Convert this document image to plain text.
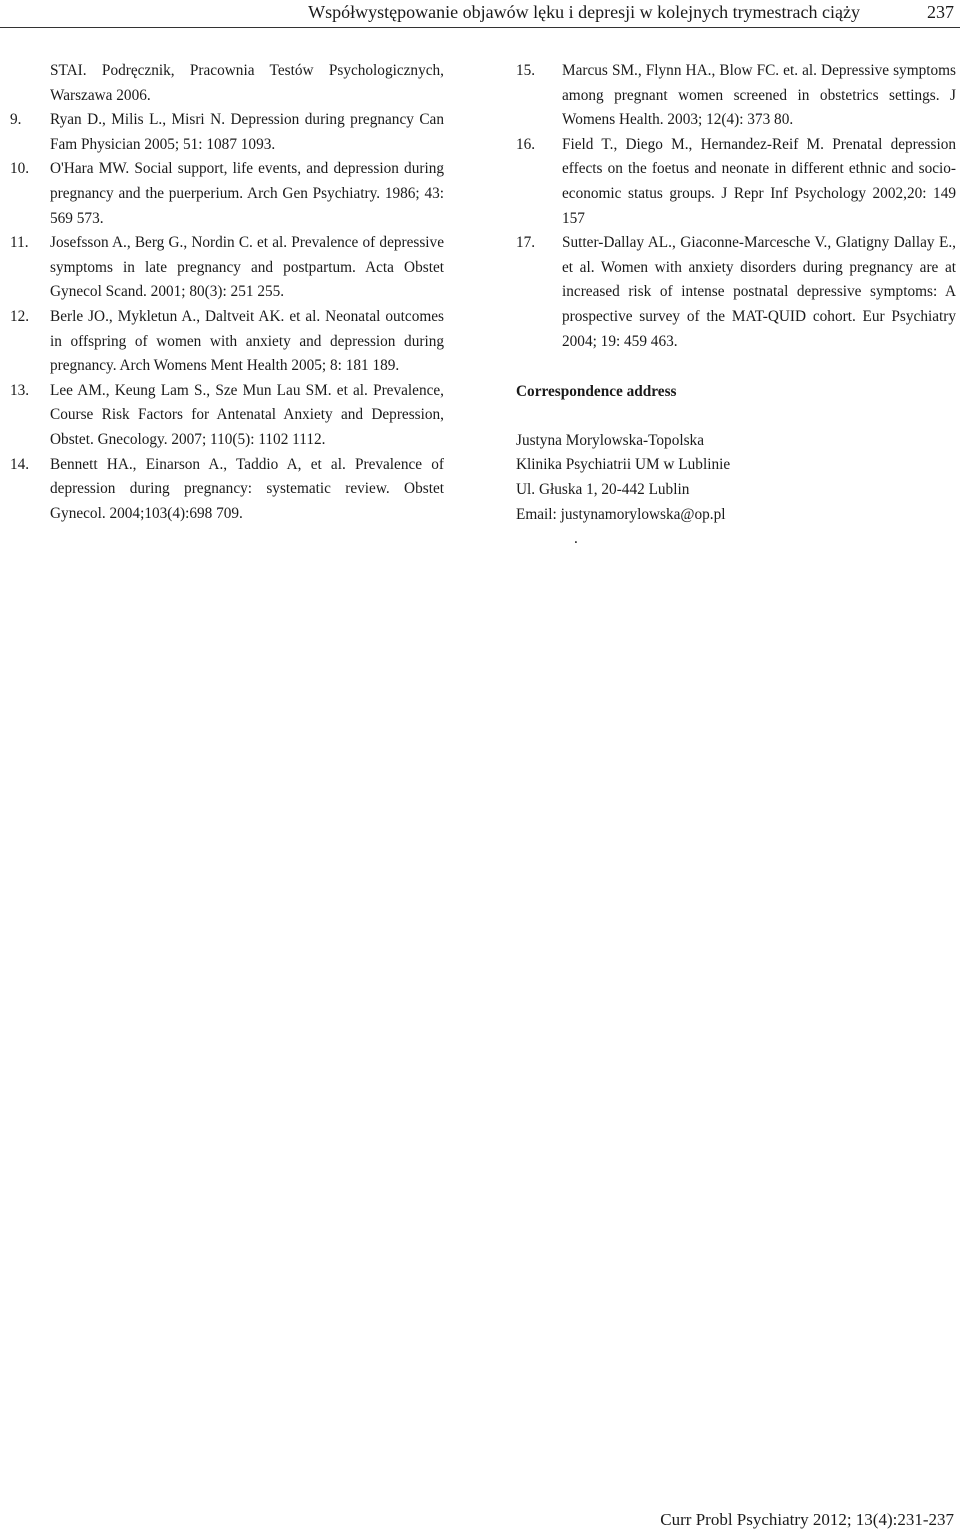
Współwystępowanie objawów lęku i depresji w kolejnych trymestrach ciąży	237
STAI. Podręcznik, Pracownia Testów Psychologicznych, Warszawa 2006.
9. Ryan D., Milis L., Misri N. Depression during pregnancy Can Fam Physician 2005; 51: 1087 1093.
10. O'Hara MW. Social support, life events, and depression during pregnancy and the puerperium. Arch Gen Psychiatry. 1986; 43: 569 573.
11. Josefsson A., Berg G., Nordin C. et al. Prevalence of depressive symptoms in late pregnancy and postpartum. Acta Obstet Gynecol Scand. 2001; 80(3): 251 255.
12. Berle JO., Mykletun A., Daltveit AK. et al. Neonatal outcomes in offspring of women with anxiety and depression during pregnancy. Arch Womens Ment Health 2005; 8: 181 189.
13. Lee AM., Keung Lam S., Sze Mun Lau SM. et al. Prevalence, Course Risk Factors for Antenatal Anxiety and Depression, Obstet. Gnecology. 2007; 110(5): 1102 1112.
14. Bennett HA., Einarson A., Taddio A, et al. Prevalence of depression during pregnancy: systematic review. Obstet Gynecol. 2004;103(4):698 709.
15. Marcus SM., Flynn HA., Blow FC. et. al. Depressive symptoms among pregnant women screened in obstetrics settings. J Womens Health. 2003; 12(4): 373 80.
16. Field T., Diego M., Hernandez-Reif M. Prenatal depression effects on the foetus and neonate in different ethnic and socio-economic status groups. J Repr Inf Psychology 2002,20: 149 157
17. Sutter-Dallay AL., Giaconne-Marcesche V., Glatigny Dallay E., et al. Women with anxiety disorders during pregnancy are at increased risk of intense postnatal depressive symptoms: A prospective survey of the MAT-QUID cohort. Eur Psychiatry 2004; 19: 459 463.
Correspondence address
Justyna Morylowska-Topolska
Klinika Psychiatrii UM w Lublinie
Ul. Głuska 1, 20-442 Lublin
Email: justynamorylowska@op.pl
.
Curr Probl Psychiatry 2012; 13(4):231-237
